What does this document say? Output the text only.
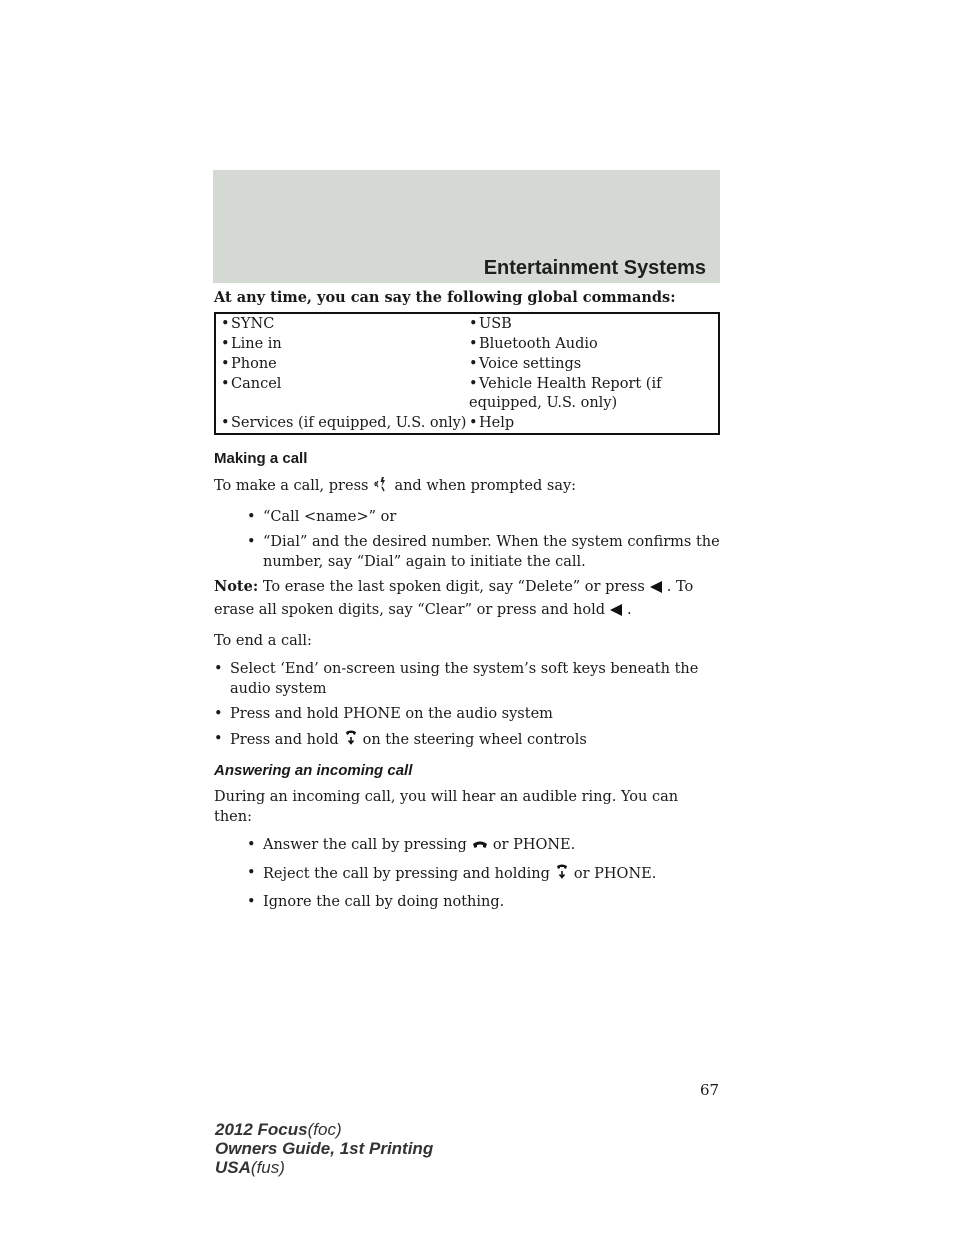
Entertainment Systems

At any time, you can say the following global commands:

•SYNC	•USB
•Line in	•Bluetooth Audio
•Phone	•Voice settings
•Cancel	•Vehicle Health Report (if equipped, U.S. only)
•Services (if equipped, U.S. only)	•Help
Making a call

To make a call, press and when prompted say:

• “Call <name>” or
• “Dial” and the desired number. When the system confirms the number, say “Dial” again to initiate the call.

Note: To erase the last spoken digit, say “Delete” or press . To erase all spoken digits, say “Clear” or press and hold .

To end a call:

• Select ‘End’ on-screen using the system’s soft keys beneath the audio system
• Press and hold PHONE on the audio system
• Press and hold on the steering wheel controls
Answering an incoming call

During an incoming call, you will hear an audible ring. You can then:

• Answer the call by pressing or PHONE.
• Reject the call by pressing and holding or PHONE.
• Ignore the call by doing nothing.
67
2012 Focus(foc)
Owners Guide, 1st Printing
USA(fus)
